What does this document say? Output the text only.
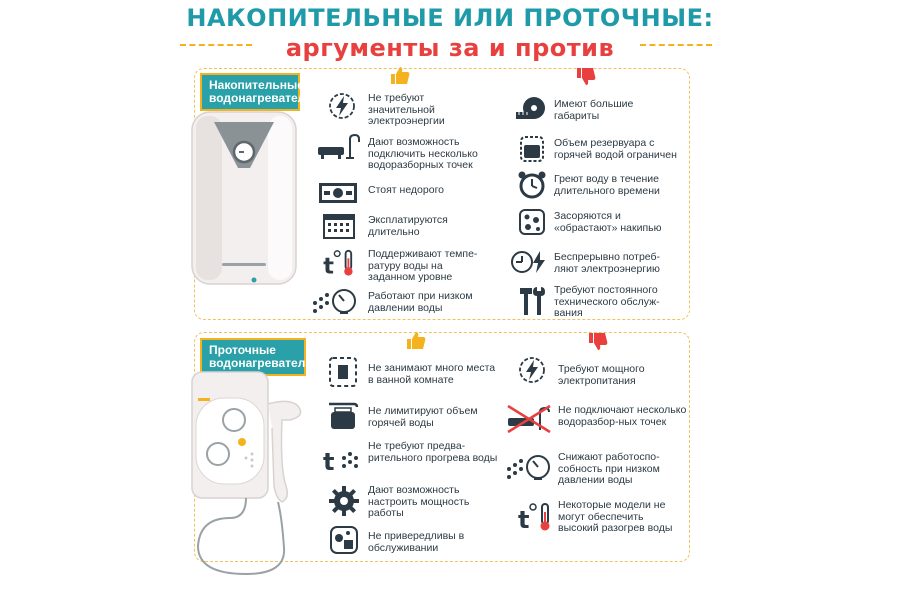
НАКОПИТЕЛЬНЫЕ ИЛИ ПРОТОЧНЫЕ:
аргументы за и против
Накопительные водонагреватели	Не требуют значительной электроэнергии
Дают возможность подключить несколько водоразборных точек
Стоят недорого
Эксплатируются длительно
t	Поддерживают темпе-ратуру воды на заданном уровне
Работают при низком давлении воды
Имеют большие габариты
Объем резервуара с горячей водой ограничен
Греют воду в течение длительного времени
Засоряются и «обрастают» накипью
Беспрерывно потреб-ляют электроэнергию
Требуют постоянного технического обслуж-вания
Проточные водонагреватели	Не занимают много места в ванной комнате
Не лимитируют объем горячей воды
t
Не требуют предва-рительного прогрева воды
Дают возможность настроить мощность работы
Не привередливы в обслуживании
Требуют мощного электропитания
Не подключают несколько водоразбор-ных точек
Снижают работоспо-собность при низком давлении воды
t
Некоторые модели не могут обеспечить высокий разогрев воды
